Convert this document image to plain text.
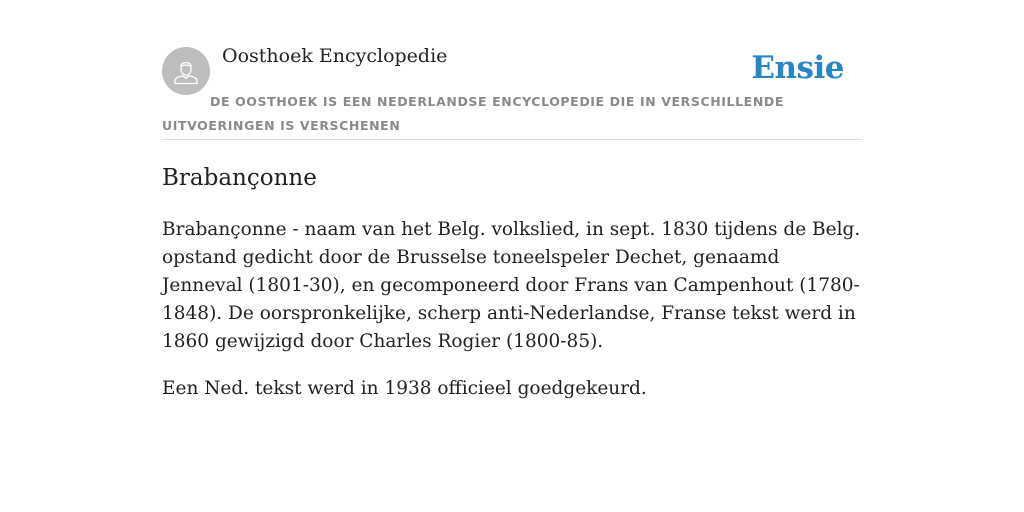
Oosthoek Encyclopedie	Ensie
DE OOSTHOEK IS EEN NEDERLANDSE ENCYCLOPEDIE DIE IN VERSCHILLENDE UITVOERINGEN IS VERSCHENEN
Brabançonne

Brabançonne - naam van het Belg. volkslied, in sept. 1830 tijdens de Belg. opstand gedicht door de Brusselse toneelspeler Dechet, genaamd Jenneval (1801-30), en gecomponeerd door Frans van Campenhout (1780-1848). De oorspronkelijke, scherp anti-Nederlandse, Franse tekst werd in 1860 gewijzigd door Charles Rogier (1800-85).

Een Ned. tekst werd in 1938 officieel goedgekeurd.
